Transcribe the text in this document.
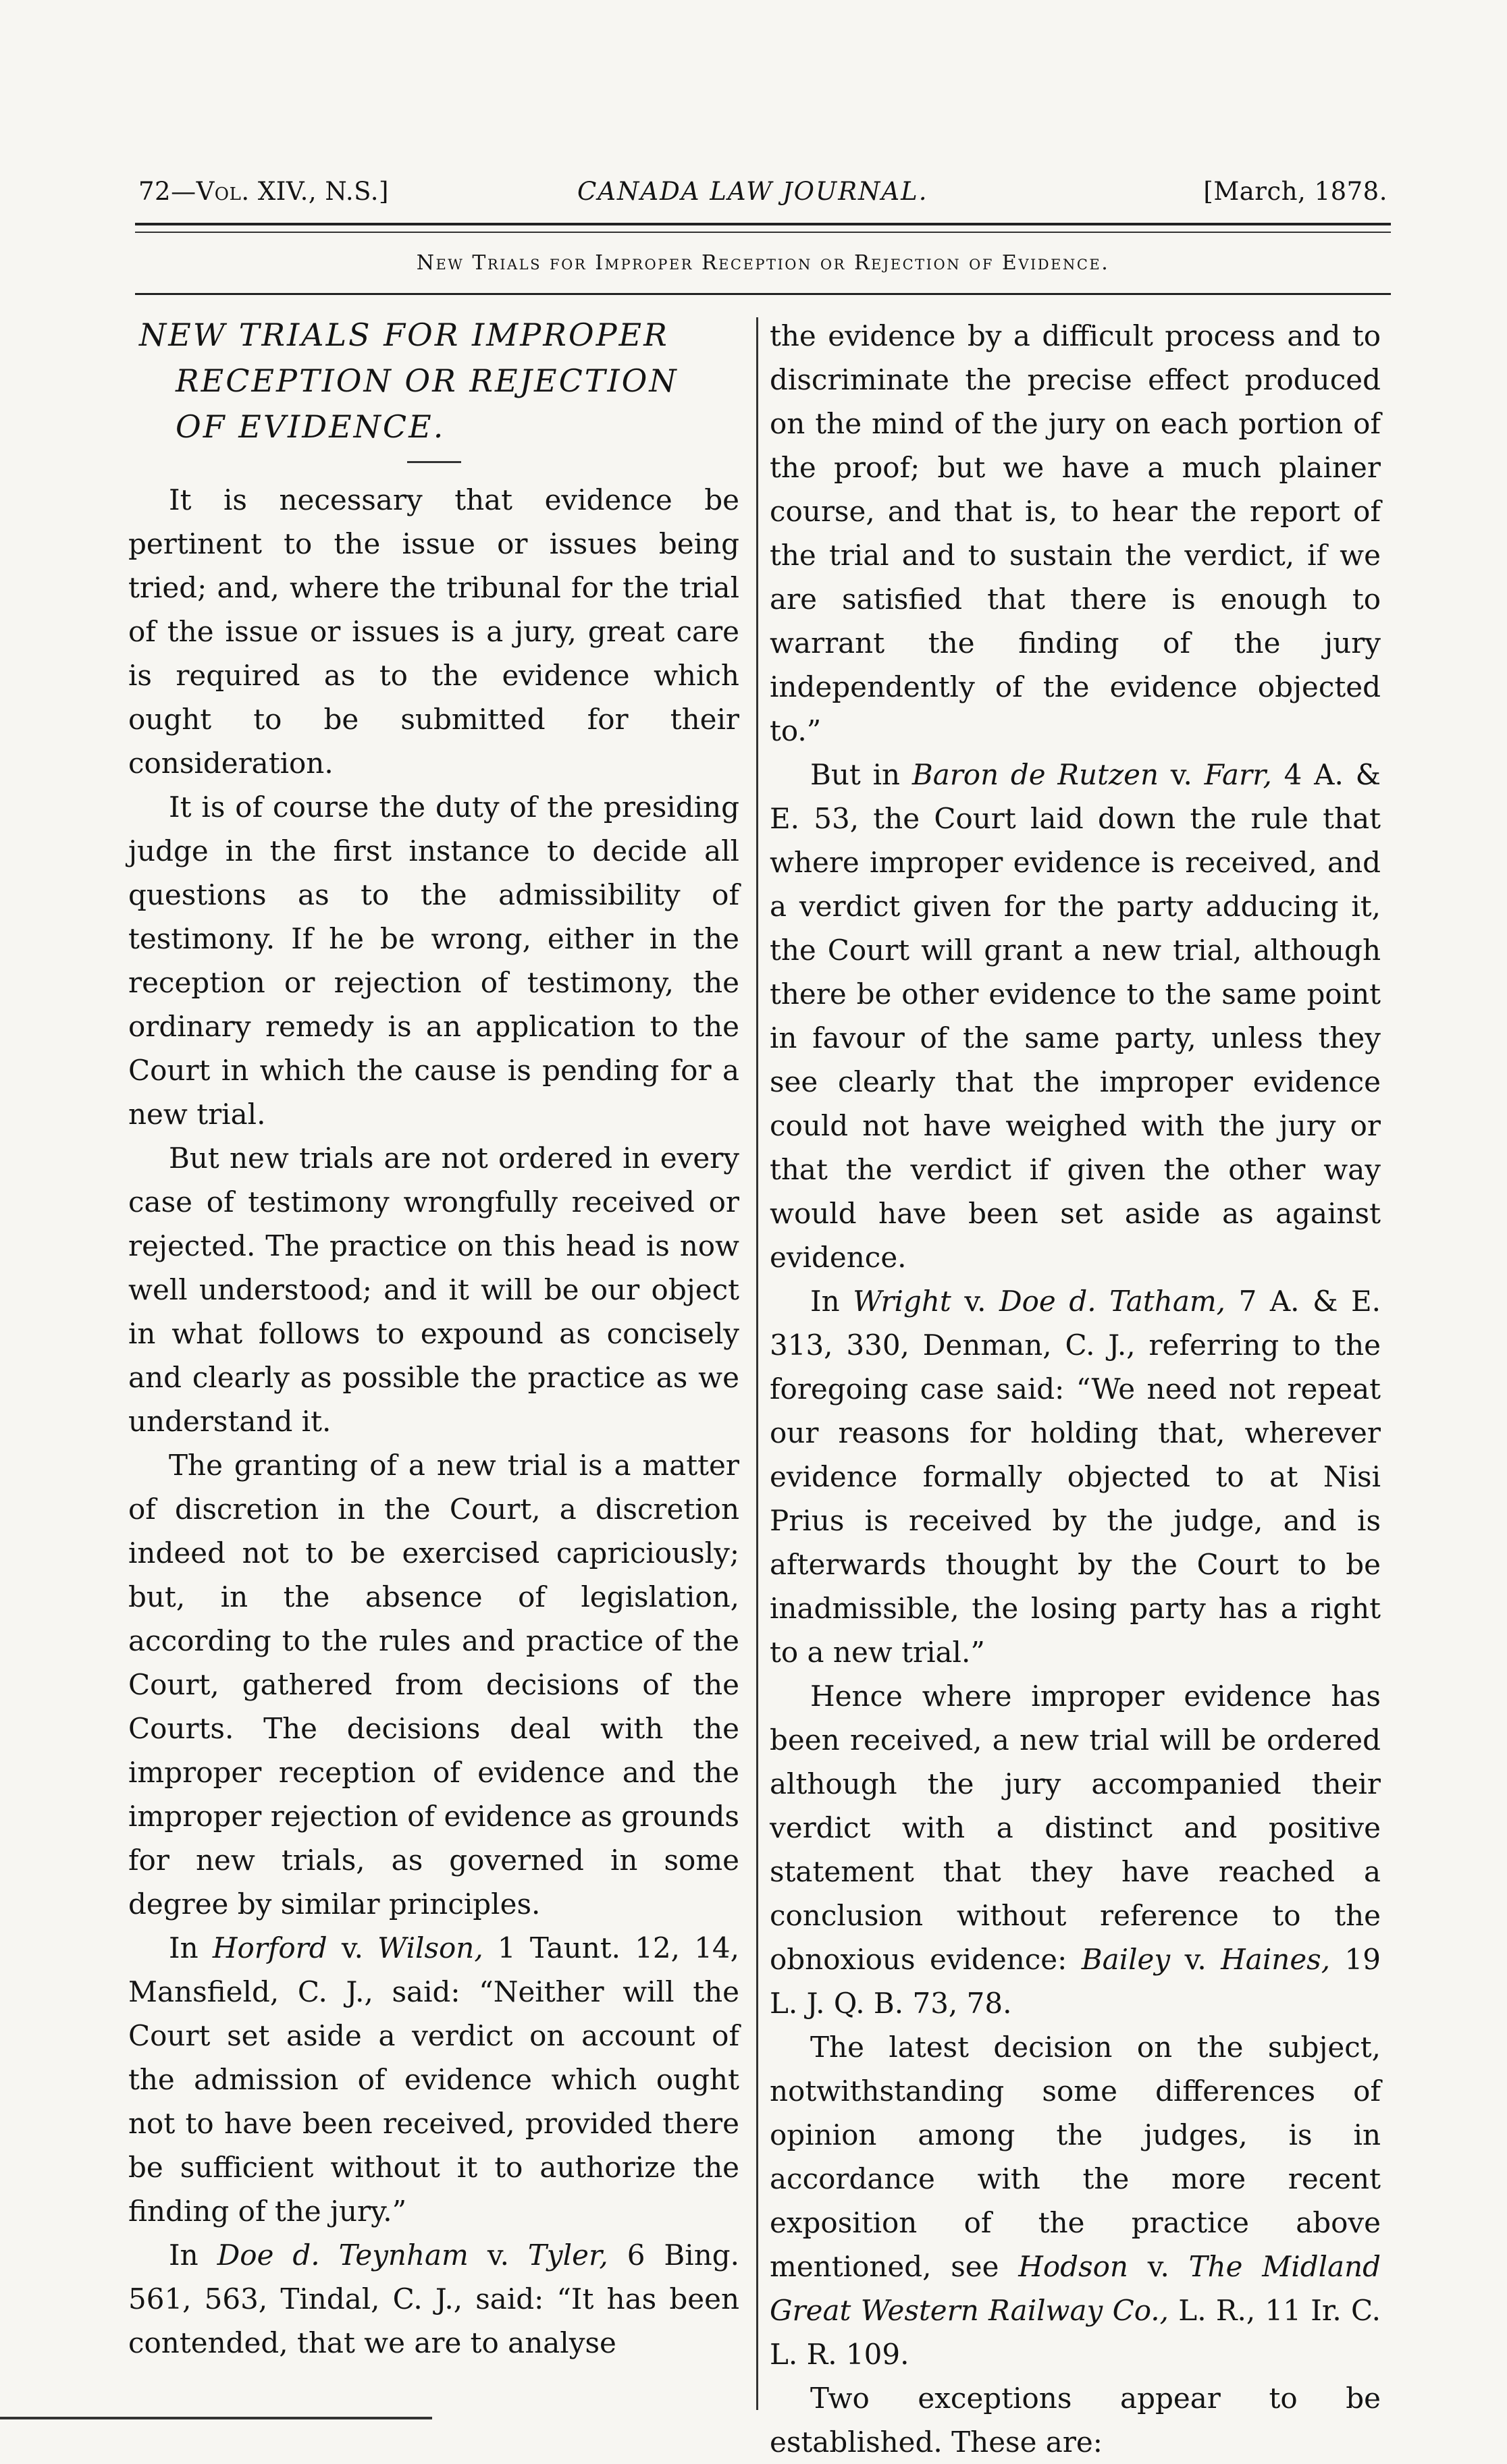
72—Vol. XIV., N.S.]	CANADA LAW JOURNAL.	[March, 1878.
New Trials for Improper Reception or Rejection of Evidence.
NEW TRIALS FOR IMPROPER
RECEPTION OR REJECTION
OF EVIDENCE.

It is necessary that evidence be pertinent to the issue or issues being tried; and, where the tribunal for the trial of the issue or issues is a jury, great care is required as to the evidence which ought to be submitted for their consideration.

It is of course the duty of the presiding judge in the first instance to decide all questions as to the admissibility of testimony. If he be wrong, either in the reception or rejection of testimony, the ordinary remedy is an application to the Court in which the cause is pending for a new trial.

But new trials are not ordered in every case of testimony wrongfully received or rejected. The practice on this head is now well understood; and it will be our object in what follows to expound as concisely and clearly as possible the practice as we understand it.

The granting of a new trial is a matter of discretion in the Court, a discretion indeed not to be exercised capriciously; but, in the absence of legislation, according to the rules and practice of the Court, gathered from decisions of the Courts. The decisions deal with the improper reception of evidence and the improper rejection of evidence as grounds for new trials, as governed in some degree by similar principles.

In Horford v. Wilson, 1 Taunt. 12, 14, Mansfield, C. J., said: “Neither will the Court set aside a verdict on account of the admission of evidence which ought not to have been received, provided there be sufficient without it to authorize the finding of the jury.”

In Doe d. Teynham v. Tyler, 6 Bing. 561, 563, Tindal, C. J., said: “It has been contended, that we are to analyse

the evidence by a difficult process and to discriminate the precise effect produced on the mind of the jury on each portion of the proof; but we have a much plainer course, and that is, to hear the report of the trial and to sustain the verdict, if we are satisfied that there is enough to warrant the finding of the jury independently of the evidence objected to.”

But in Baron de Rutzen v. Farr, 4 A. & E. 53, the Court laid down the rule that where improper evidence is received, and a verdict given for the party adducing it, the Court will grant a new trial, although there be other evidence to the same point in favour of the same party, unless they see clearly that the improper evidence could not have weighed with the jury or that the verdict if given the other way would have been set aside as against evidence.

In Wright v. Doe d. Tatham, 7 A. & E. 313, 330, Denman, C. J., referring to the foregoing case said: “We need not repeat our reasons for holding that, wherever evidence formally objected to at Nisi Prius is received by the judge, and is afterwards thought by the Court to be inadmissible, the losing party has a right to a new trial.”

Hence where improper evidence has been received, a new trial will be ordered although the jury accompanied their verdict with a distinct and positive statement that they have reached a conclusion without reference to the obnoxious evidence: Bailey v. Haines, 19 L. J. Q. B. 73, 78.

The latest decision on the subject, notwithstanding some differences of opinion among the judges, is in accordance with the more recent exposition of the practice above mentioned, see Hodson v. The Midland Great Western Railway Co., L. R., 11 Ir. C. L. R. 109.

Two exceptions appear to be established. These are:
